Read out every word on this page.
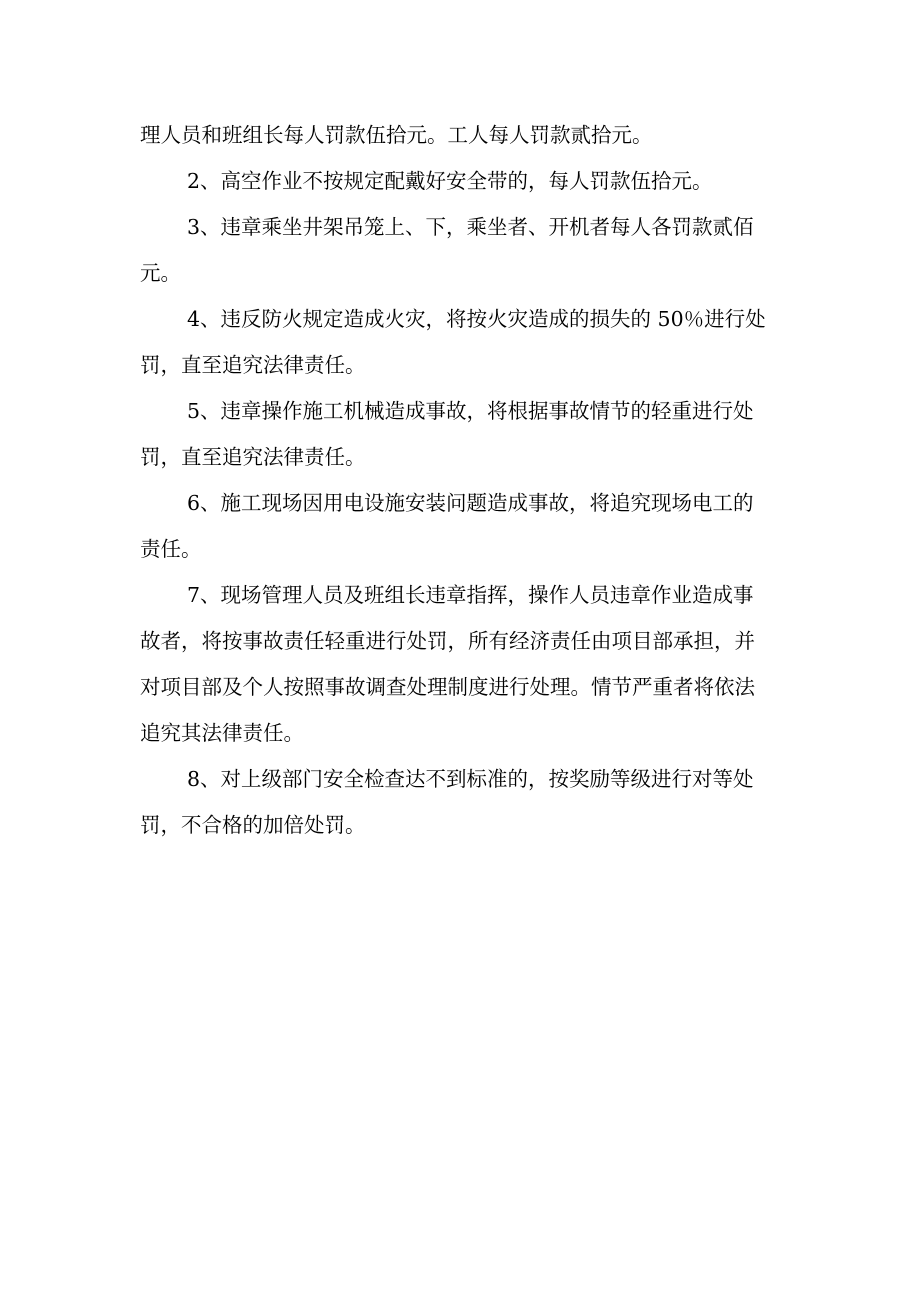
理人员和班组长每人罚款伍拾元。工人每人罚款贰拾元。

2、高空作业不按规定配戴好安全带的，每人罚款伍拾元。

3、违章乘坐井架吊笼上、下，乘坐者、开机者每人各罚款贰佰
元。

4、违反防火规定造成火灾，将按火灾造成的损失的 50％进行处
罚，直至追究法律责任。

5、违章操作施工机械造成事故，将根据事故情节的轻重进行处
罚，直至追究法律责任。

6、施工现场因用电设施安装问题造成事故，将追究现场电工的
责任。

7、现场管理人员及班组长违章指挥，操作人员违章作业造成事
故者，将按事故责任轻重进行处罚，所有经济责任由项目部承担，并
对项目部及个人按照事故调查处理制度进行处理。情节严重者将依法
追究其法律责任。

8、对上级部门安全检查达不到标准的，按奖励等级进行对等处
罚，不合格的加倍处罚。
